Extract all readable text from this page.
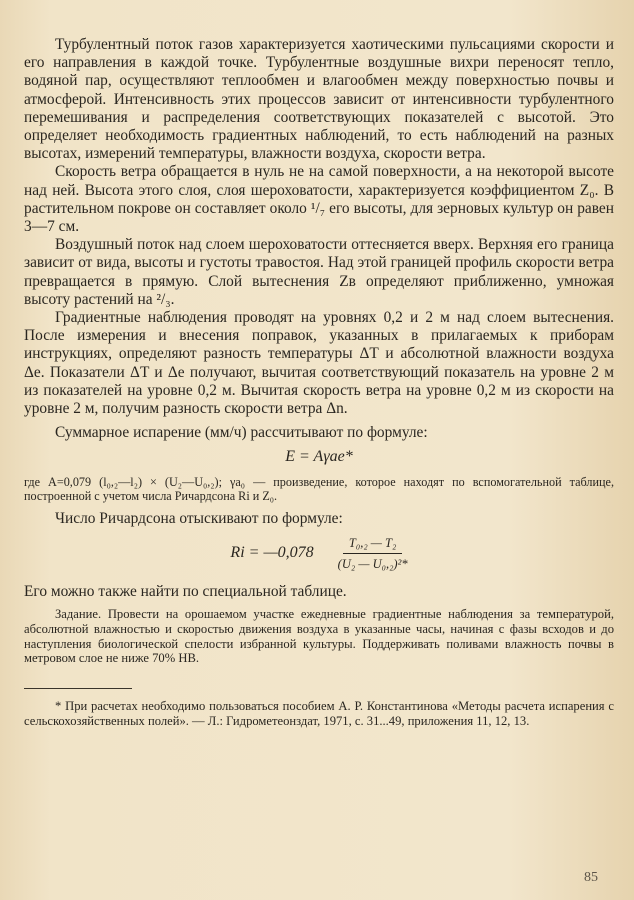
Турбулентный поток газов характеризуется хаотическими пульсациями скорости и его направления в каждой точке. Турбулентные воздушные вихри переносят тепло, водяной пар, осуществляют теплообмен и влагообмен между поверхностью почвы и атмосферой. Интенсивность этих процессов зависит от интенсивности турбулентного перемешивания и распределения соответствующих показателей с высотой. Это определяет необходимость градиентных наблюдений, то есть наблюдений на разных высотах, измерений температуры, влажности воздуха, скорости ветра.

Скорость ветра обращается в нуль не на самой поверхности, а на некоторой высоте над ней. Высота этого слоя, слоя шероховатости, характеризуется коэффициентом Z₀. В растительном покрове он составляет около ¹/₇ его высоты, для зерновых культур он равен 3—7 см.

Воздушный поток над слоем шероховатости оттесняется вверх. Верхняя его граница зависит от вида, высоты и густоты травостоя. Над этой границей профиль скорости ветра превращается в прямую. Слой вытеснения Zв определяют приближенно, умножая высоту растений на ²/₃.

Градиентные наблюдения проводят на уровнях 0,2 и 2 м над слоем вытеснения. После измерения и внесения поправок, указанных в прилагаемых к приборам инструкциях, определяют разность температуры ΔT и абсолютной влажности воздуха Δe. Показатели ΔT и Δe получают, вычитая соответствующий показатель на уровне 2 м из показателей на уровне 0,2 м. Вычитая скорость ветра на уровне 0,2 м из скорости на уровне 2 м, получим разность скорости ветра Δn.

Суммарное испарение (мм/ч) рассчитывают по формуле:

E = Aγae*

где A=0,079 (l₀,₂—l₂) × (U₂—U₀,₂); γa₀ — произведение, которое находят по вспомогательной таблице, построенной с учетом числа Ричардсона Ri и Z₀.

Число Ричардсона отыскивают по формуле:

Ri = —0,078 $\frac{\text{T₀,₂ — T₂}}{\text{(U₂ — U₀,₂)²*}}$

Его можно также найти по специальной таблице.

Задание. Провести на орошаемом участке ежедневные градиентные наблюдения за температурой, абсолютной влажностью и скоростью движения воздуха в указанные часы, начиная с фазы всходов и до наступления биологической спелости избранной культуры. Поддерживать поливами влажность почвы в метровом слое не ниже 70% НВ.

* При расчетах необходимо пользоваться пособием А. Р. Константинова «Методы расчета испарения с сельскохозяйственных полей». — Л.: Гидрометеонздат, 1971, с. 31...49, приложения 11, 12, 13.

85
